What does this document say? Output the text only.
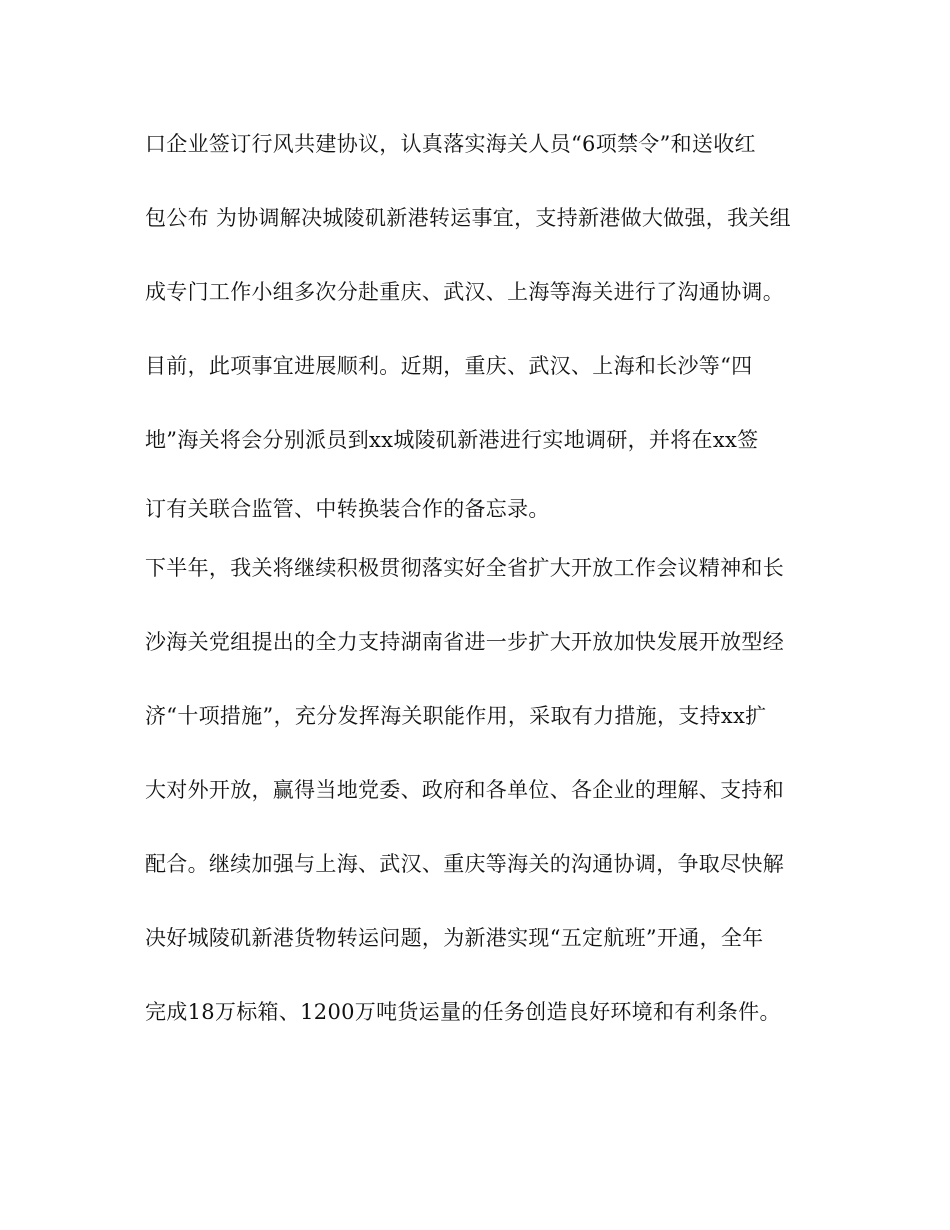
口企业签订行风共建协议，认真落实海关人员“6项禁令”和送收红
包公布 为协调解决城陵矶新港转运事宜，支持新港做大做强，我关组
成专门工作小组多次分赴重庆、武汉、上海等海关进行了沟通协调。
目前，此项事宜进展顺利。近期，重庆、武汉、上海和长沙等“四
地”海关将会分别派员到xx城陵矶新港进行实地调研，并将在xx签
订有关联合监管、中转换装合作的备忘录。
下半年，我关将继续积极贯彻落实好全省扩大开放工作会议精神和长
沙海关党组提出的全力支持湖南省进一步扩大开放加快发展开放型经
济“十项措施”，充分发挥海关职能作用，采取有力措施，支持xx扩
大对外开放，赢得当地党委、政府和各单位、各企业的理解、支持和
配合。继续加强与上海、武汉、重庆等海关的沟通协调，争取尽快解
决好城陵矶新港货物转运问题，为新港实现“五定航班”开通，全年
完成18万标箱、1200万吨货运量的任务创造良好环境和有利条件。
